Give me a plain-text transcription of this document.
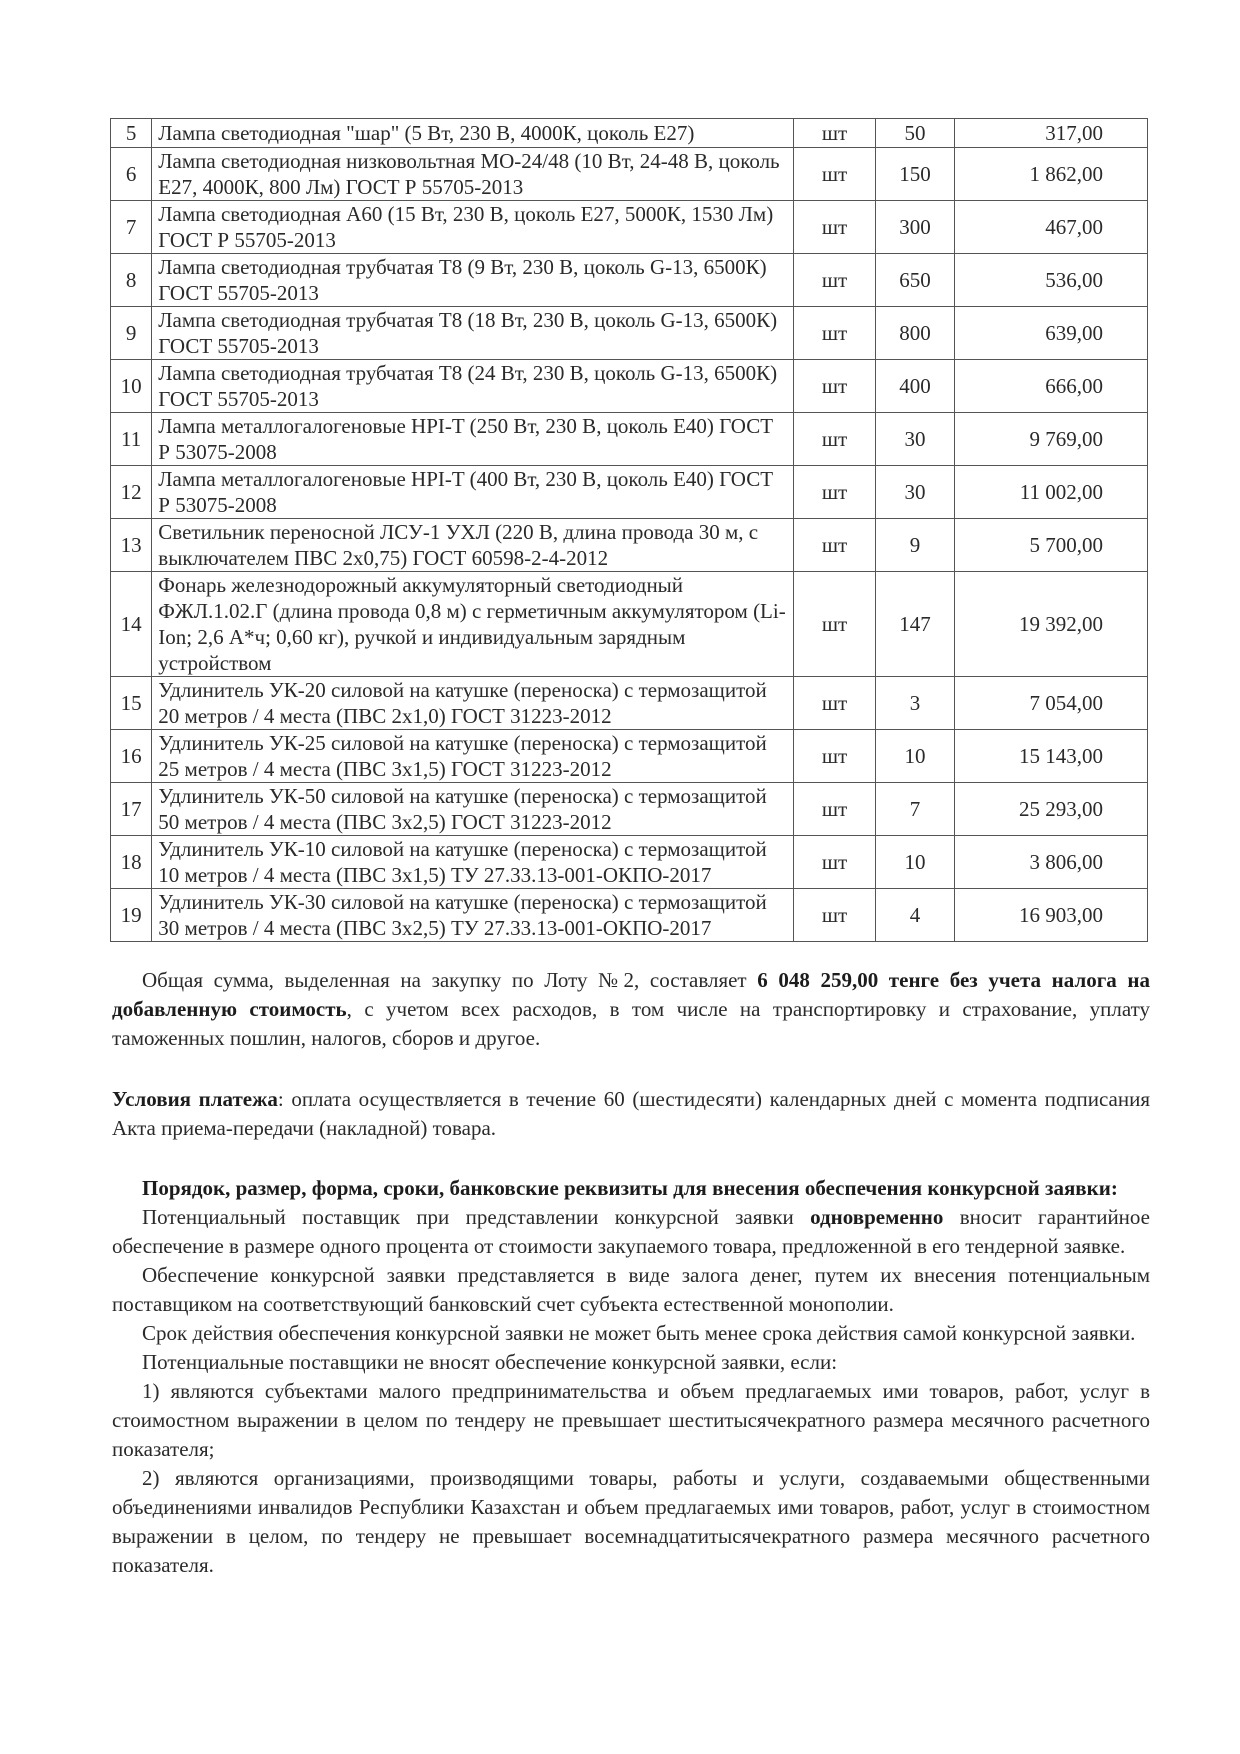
5	Лампа светодиодная "шар" (5 Вт, 230 В, 4000К, цоколь Е27)	шт	50	317,00
6	Лампа светодиодная низковольтная МО-24/48 (10 Вт, 24-48 В, цоколь Е27, 4000К, 800 Лм) ГОСТ Р 55705-2013	шт	150	1 862,00
7	Лампа светодиодная А60 (15 Вт, 230 В, цоколь Е27, 5000К, 1530 Лм) ГОСТ Р 55705-2013	шт	300	467,00
8	Лампа светодиодная трубчатая Т8 (9 Вт, 230 В, цоколь G-13, 6500К) ГОСТ 55705-2013	шт	650	536,00
9	Лампа светодиодная трубчатая Т8 (18 Вт, 230 В, цоколь G-13, 6500К) ГОСТ 55705-2013	шт	800	639,00
10	Лампа светодиодная трубчатая Т8 (24 Вт, 230 В, цоколь G-13, 6500К) ГОСТ 55705-2013	шт	400	666,00
11	Лампа металлогалогеновые HPI-T (250 Вт, 230 В, цоколь Е40) ГОСТ Р 53075-2008	шт	30	9 769,00
12	Лампа металлогалогеновые HPI-T (400 Вт, 230 В, цоколь Е40) ГОСТ Р 53075-2008	шт	30	11 002,00
13	Светильник переносной ЛСУ-1 УХЛ (220 В, длина провода 30 м, с выключателем ПВС 2х0,75) ГОСТ 60598-2-4-2012	шт	9	5 700,00
14	Фонарь железнодорожный аккумуляторный светодиодный ФЖЛ.1.02.Г (длина провода 0,8 м) с герметичным аккумулятором (Li-Ion; 2,6 А*ч; 0,60 кг), ручкой и индивидуальным зарядным устройством	шт	147	19 392,00
15	Удлинитель УК-20 силовой на катушке (переноска) с термозащитой 20 метров / 4 места (ПВС 2х1,0) ГОСТ 31223-2012	шт	3	7 054,00
16	Удлинитель УК-25 силовой на катушке (переноска) с термозащитой 25 метров / 4 места (ПВС 3х1,5) ГОСТ 31223-2012	шт	10	15 143,00
17	Удлинитель УК-50 силовой на катушке (переноска) с термозащитой 50 метров / 4 места (ПВС 3х2,5) ГОСТ 31223-2012	шт	7	25 293,00
18	Удлинитель УК-10 силовой на катушке (переноска) с термозащитой 10 метров / 4 места (ПВС 3х1,5) ТУ 27.33.13-001-ОКПО-2017	шт	10	3 806,00
19	Удлинитель УК-30 силовой на катушке (переноска) с термозащитой 30 метров / 4 места (ПВС 3х2,5) ТУ 27.33.13-001-ОКПО-2017	шт	4	16 903,00

Общая сумма, выделенная на закупку по Лоту №2, составляет 6 048 259,00 тенге без учета налога на добавленную стоимость, с учетом всех расходов, в том числе на транспортировку и страхование, уплату таможенных пошлин, налогов, сборов и другое.

Условия платежа: оплата осуществляется в течение 60 (шестидесяти) календарных дней с момента подписания Акта приема-передачи (накладной) товара.

Порядок, размер, форма, сроки, банковские реквизиты для внесения обеспечения конкурсной заявки:

Потенциальный поставщик при представлении конкурсной заявки одновременно вносит гарантийное обеспечение в размере одного процента от стоимости закупаемого товара, предложенной в его тендерной заявке.

Обеспечение конкурсной заявки представляется в виде залога денег, путем их внесения потенциальным поставщиком на соответствующий банковский счет субъекта естественной монополии.

Срок действия обеспечения конкурсной заявки не может быть менее срока действия самой конкурсной заявки.

Потенциальные поставщики не вносят обеспечение конкурсной заявки, если:

1) являются субъектами малого предпринимательства и объем предлагаемых ими товаров, работ, услуг в стоимостном выражении в целом по тендеру не превышает шеститысячекратного размера месячного расчетного показателя;

2) являются организациями, производящими товары, работы и услуги, создаваемыми общественными объединениями инвалидов Республики Казахстан и объем предлагаемых ими товаров, работ, услуг в стоимостном выражении в целом, по тендеру не превышает восемнадцатитысячекратного размера месячного расчетного показателя.
